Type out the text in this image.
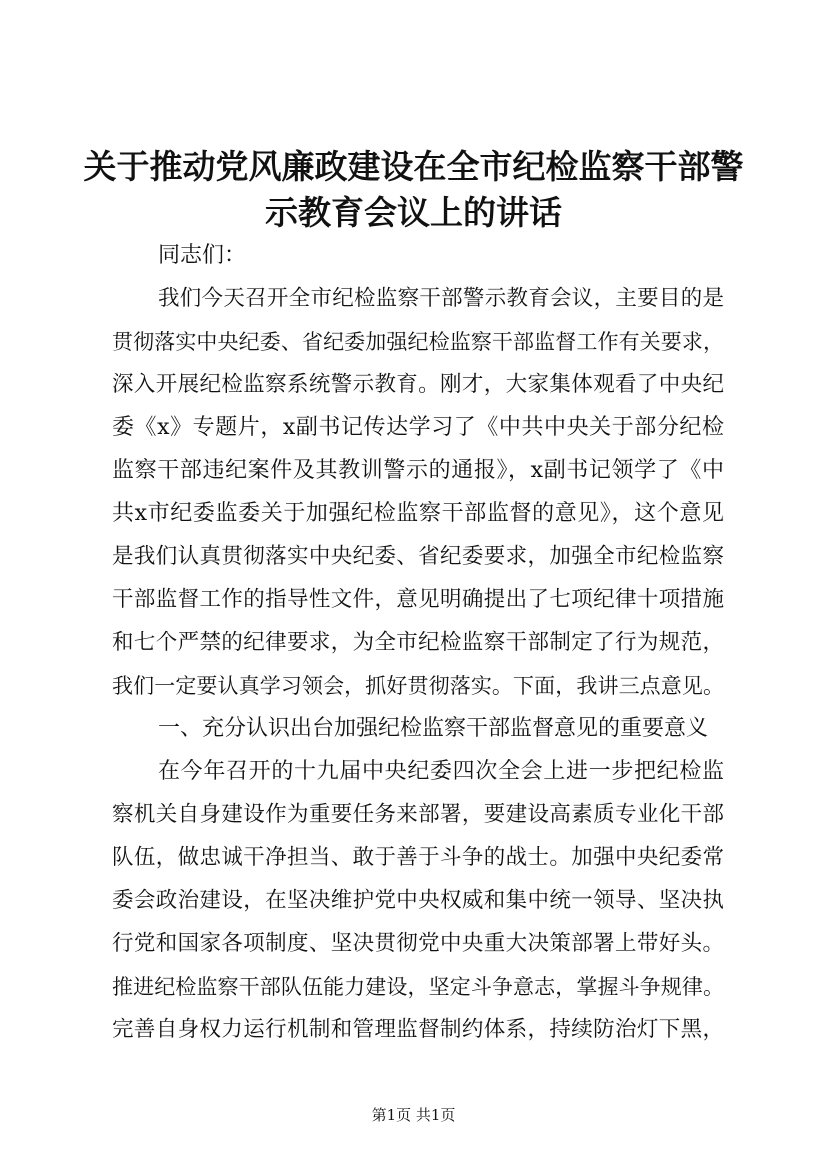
关于推动党风廉政建设在全市纪检监察干部警
示教育会议上的讲话
同志们：
我们今天召开全市纪检监察干部警示教育会议，主要目的是
贯彻落实中央纪委、省纪委加强纪检监察干部监督工作有关要求，
深入开展纪检监察系统警示教育。刚才，大家集体观看了中央纪
委《x》专题片，x副书记传达学习了《中共中央关于部分纪检
监察干部违纪案件及其教训警示的通报》，x副书记领学了《中
共x市纪委监委关于加强纪检监察干部监督的意见》，这个意见
是我们认真贯彻落实中央纪委、省纪委要求，加强全市纪检监察
干部监督工作的指导性文件，意见明确提出了七项纪律十项措施
和七个严禁的纪律要求，为全市纪检监察干部制定了行为规范，
我们一定要认真学习领会，抓好贯彻落实。下面，我讲三点意见。
一、充分认识出台加强纪检监察干部监督意见的重要意义
在今年召开的十九届中央纪委四次全会上进一步把纪检监
察机关自身建设作为重要任务来部署，要建设高素质专业化干部
队伍，做忠诚干净担当、敢于善于斗争的战士。加强中央纪委常
委会政治建设，在坚决维护党中央权威和集中统一领导、坚决执
行党和国家各项制度、坚决贯彻党中央重大决策部署上带好头。
推进纪检监察干部队伍能力建设，坚定斗争意志，掌握斗争规律。
完善自身权力运行机制和管理监督制约体系，持续防治灯下黑，
第1页 共1页
